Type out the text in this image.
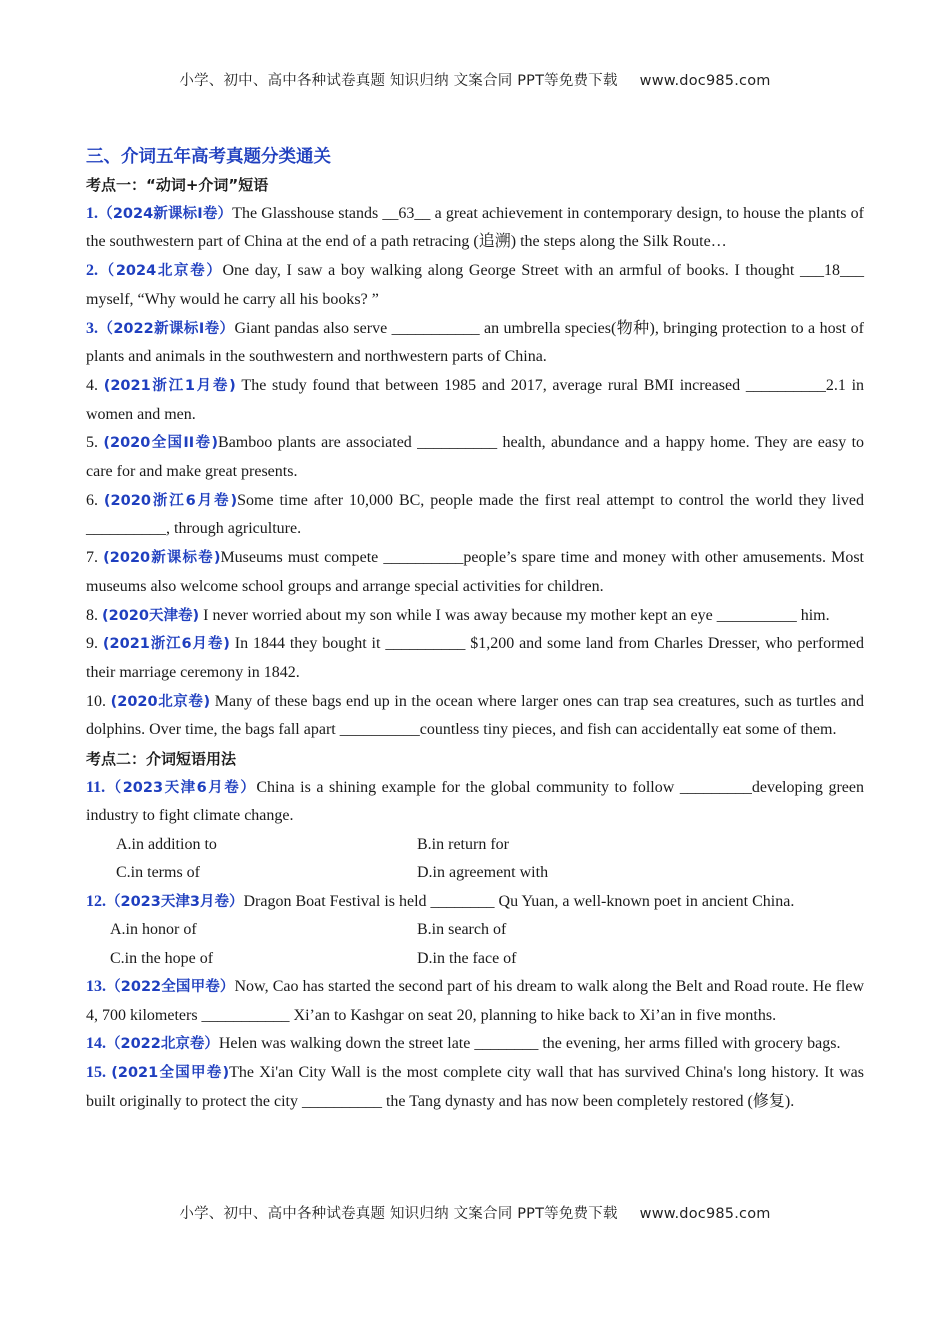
小学、初中、高中各种试卷真题 知识归纳 文案合同 PPT等免费下载 www.doc985.com
三、介词五年高考真题分类通关
考点一：“动词+介词”短语
1.（2024新课标I卷）The Glasshouse stands __63__ a great achievement in contemporary design, to house the plants of the southwestern part of China at the end of a path retracing (追溯) the steps along the Silk Route…
2.（2024北京卷）One day, I saw a boy walking along George Street with an armful of books. I thought ___18___ myself, “Why would he carry all his books? ”
3.（2022新课标I卷）Giant pandas also serve ___________ an umbrella species(物种), bringing protection to a host of plants and animals in the southwestern and northwestern parts of China.
4. (2021浙江1月卷) The study found that between 1985 and 2017, average rural BMI increased __________2.1 in women and men.
5. (2020全国II卷)Bamboo plants are associated __________ health, abundance and a happy home. They are easy to care for and make great presents.
6. (2020浙江6月卷)Some time after 10,000 BC, people made the first real attempt to control the world they lived __________, through agriculture.
7. (2020新课标卷)Museums must compete __________people’s spare time and money with other amusements. Most museums also welcome school groups and arrange special activities for children.
8. (2020天津卷) I never worried about my son while I was away because my mother kept an eye __________ him.
9. (2021浙江6月卷) In 1844 they bought it __________ $1,200 and some land from Charles Dresser, who performed their marriage ceremony in 1842.
10. (2020北京卷) Many of these bags end up in the ocean where larger ones can trap sea creatures, such as turtles and dolphins. Over time, the bags fall apart __________countless tiny pieces, and fish can accidentally eat some of them.
考点二：介词短语用法
11.（2023天津6月卷）China is a shining example for the global community to follow _________developing green industry to fight climate change.
A.in addition to	B.in return for
C.in terms of	D.in agreement with
12.（2023天津3月卷）Dragon Boat Festival is held ________ Qu Yuan, a well-known poet in ancient China.
A.in honor of	B.in search of
C.in the hope of	D.in the face of
13.（2022全国甲卷）Now, Cao has started the second part of his dream to walk along the Belt and Road route. He flew 4, 700 kilometers ___________ Xi’an to Kashgar on seat 20, planning to hike back to Xi’an in five months.
14.（2022北京卷）Helen was walking down the street late ________ the evening, her arms filled with grocery bags.
15. (2021全国甲卷)The Xi'an City Wall is the most complete city wall that has survived China's long history. It was built originally to protect the city __________ the Tang dynasty and has now been completely restored (修复).
小学、初中、高中各种试卷真题 知识归纳 文案合同 PPT等免费下载 www.doc985.com
